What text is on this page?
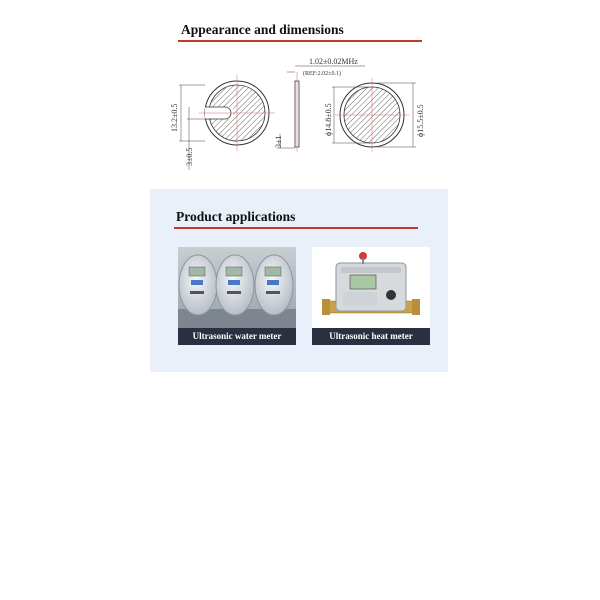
Appearance and dimensions
13.2±0.5
3±0.5
1.02±0.02MHz
(REF:2.02±0.1)
3±1
ϕ14.8±0.5	ϕ15.5±0.5
Product applications
Ultrasonic water meter	Ultrasonic heat meter
